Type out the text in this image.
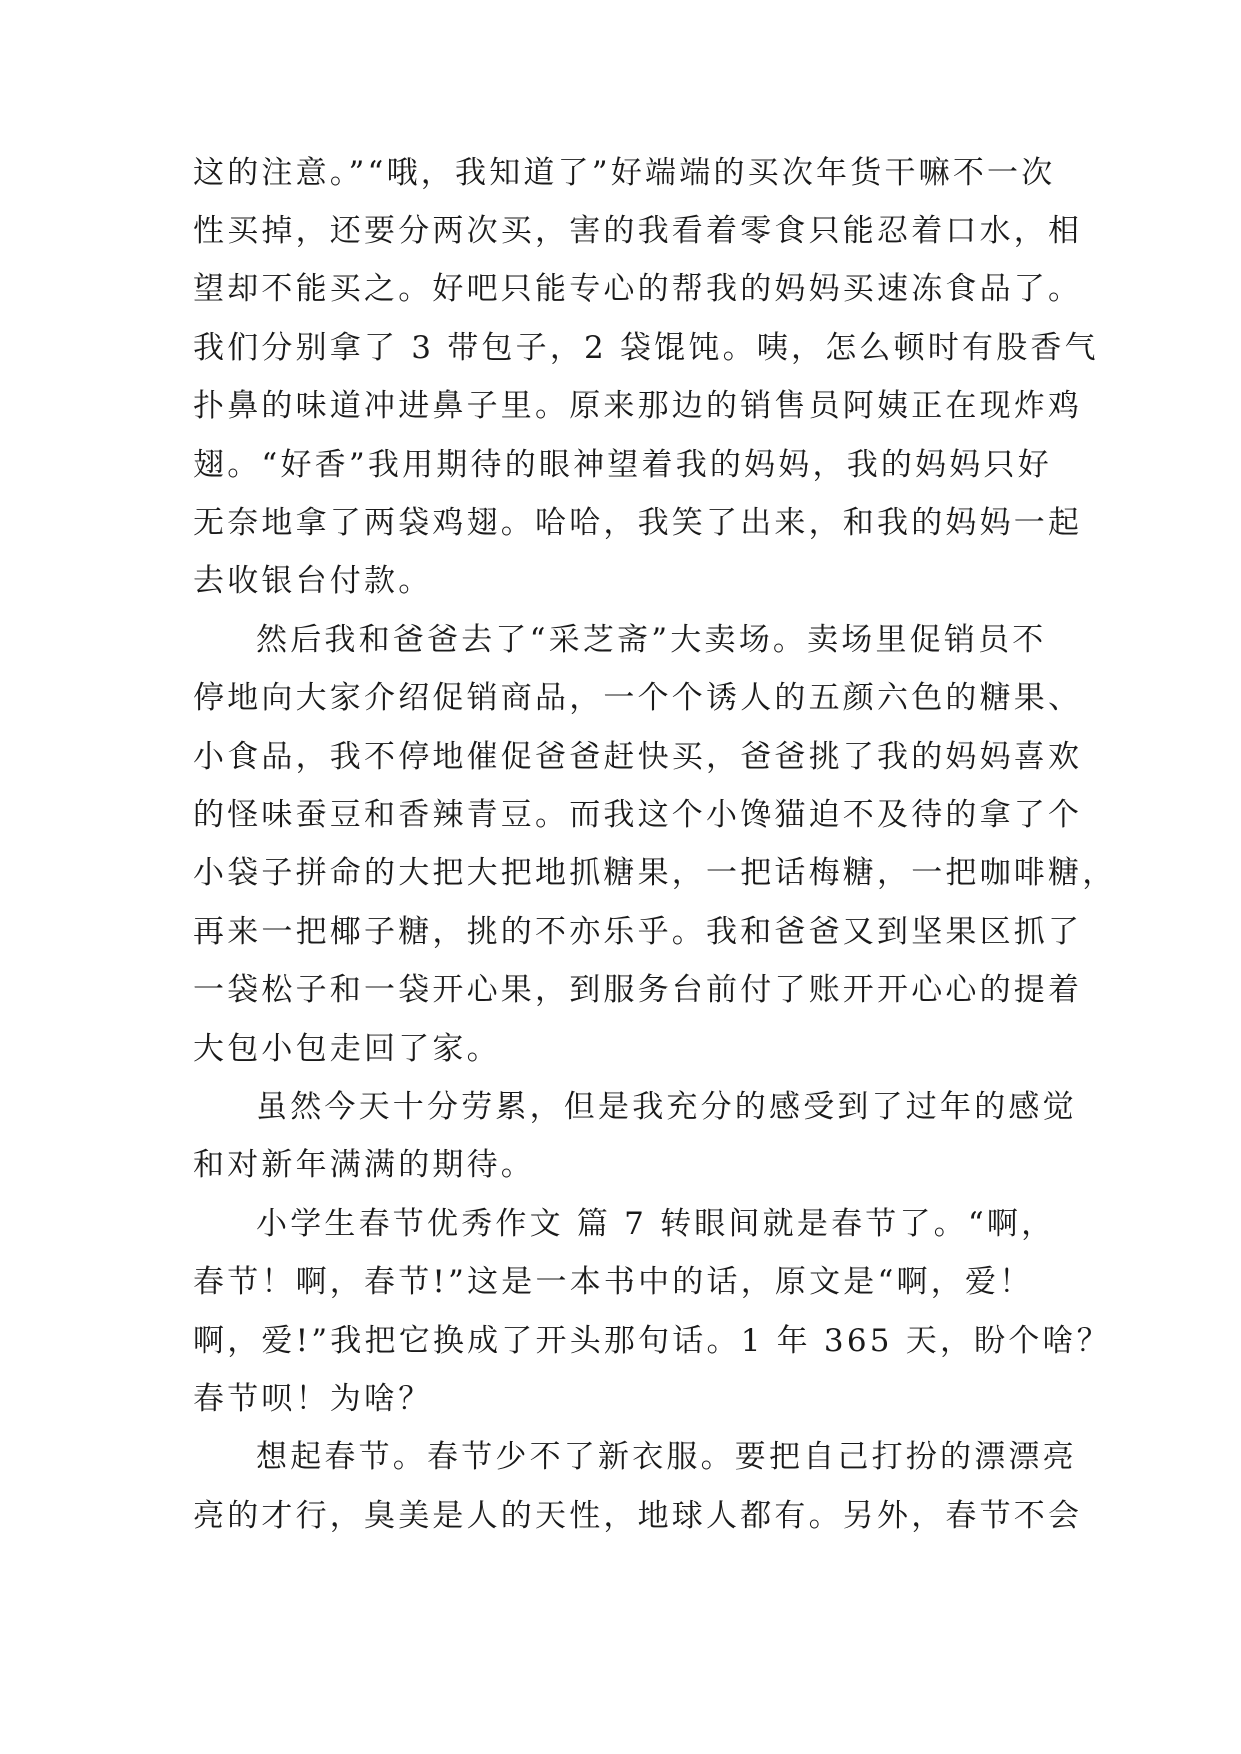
这的注意。”“哦，我知道了”好端端的买次年货干嘛不一次
性买掉，还要分两次买，害的我看着零食只能忍着口水，相
望却不能买之。好吧只能专心的帮我的妈妈买速冻食品了。
我们分别拿了 3 带包子，2 袋馄饨。咦，怎么顿时有股香气
扑鼻的味道冲进鼻子里。原来那边的销售员阿姨正在现炸鸡
翅。“好香”我用期待的眼神望着我的妈妈，我的妈妈只好
无奈地拿了两袋鸡翅。哈哈，我笑了出来，和我的妈妈一起
去收银台付款。
然后我和爸爸去了“采芝斋”大卖场。卖场里促销员不
停地向大家介绍促销商品，一个个诱人的五颜六色的糖果、
小食品，我不停地催促爸爸赶快买，爸爸挑了我的妈妈喜欢
的怪味蚕豆和香辣青豆。而我这个小馋猫迫不及待的拿了个
小袋子拼命的大把大把地抓糖果，一把话梅糖，一把咖啡糖，
再来一把椰子糖，挑的不亦乐乎。我和爸爸又到坚果区抓了
一袋松子和一袋开心果，到服务台前付了账开开心心的提着
大包小包走回了家。
虽然今天十分劳累，但是我充分的感受到了过年的感觉
和对新年满满的期待。
小学生春节优秀作文 篇 7 转眼间就是春节了。“啊，
春节！啊，春节!”这是一本书中的话，原文是“啊，爱！
啊，爱!”我把它换成了开头那句话。1 年 365 天，盼个啥？
春节呗！为啥？
想起春节。春节少不了新衣服。要把自己打扮的漂漂亮
亮的才行，臭美是人的天性，地球人都有。另外，春节不会
